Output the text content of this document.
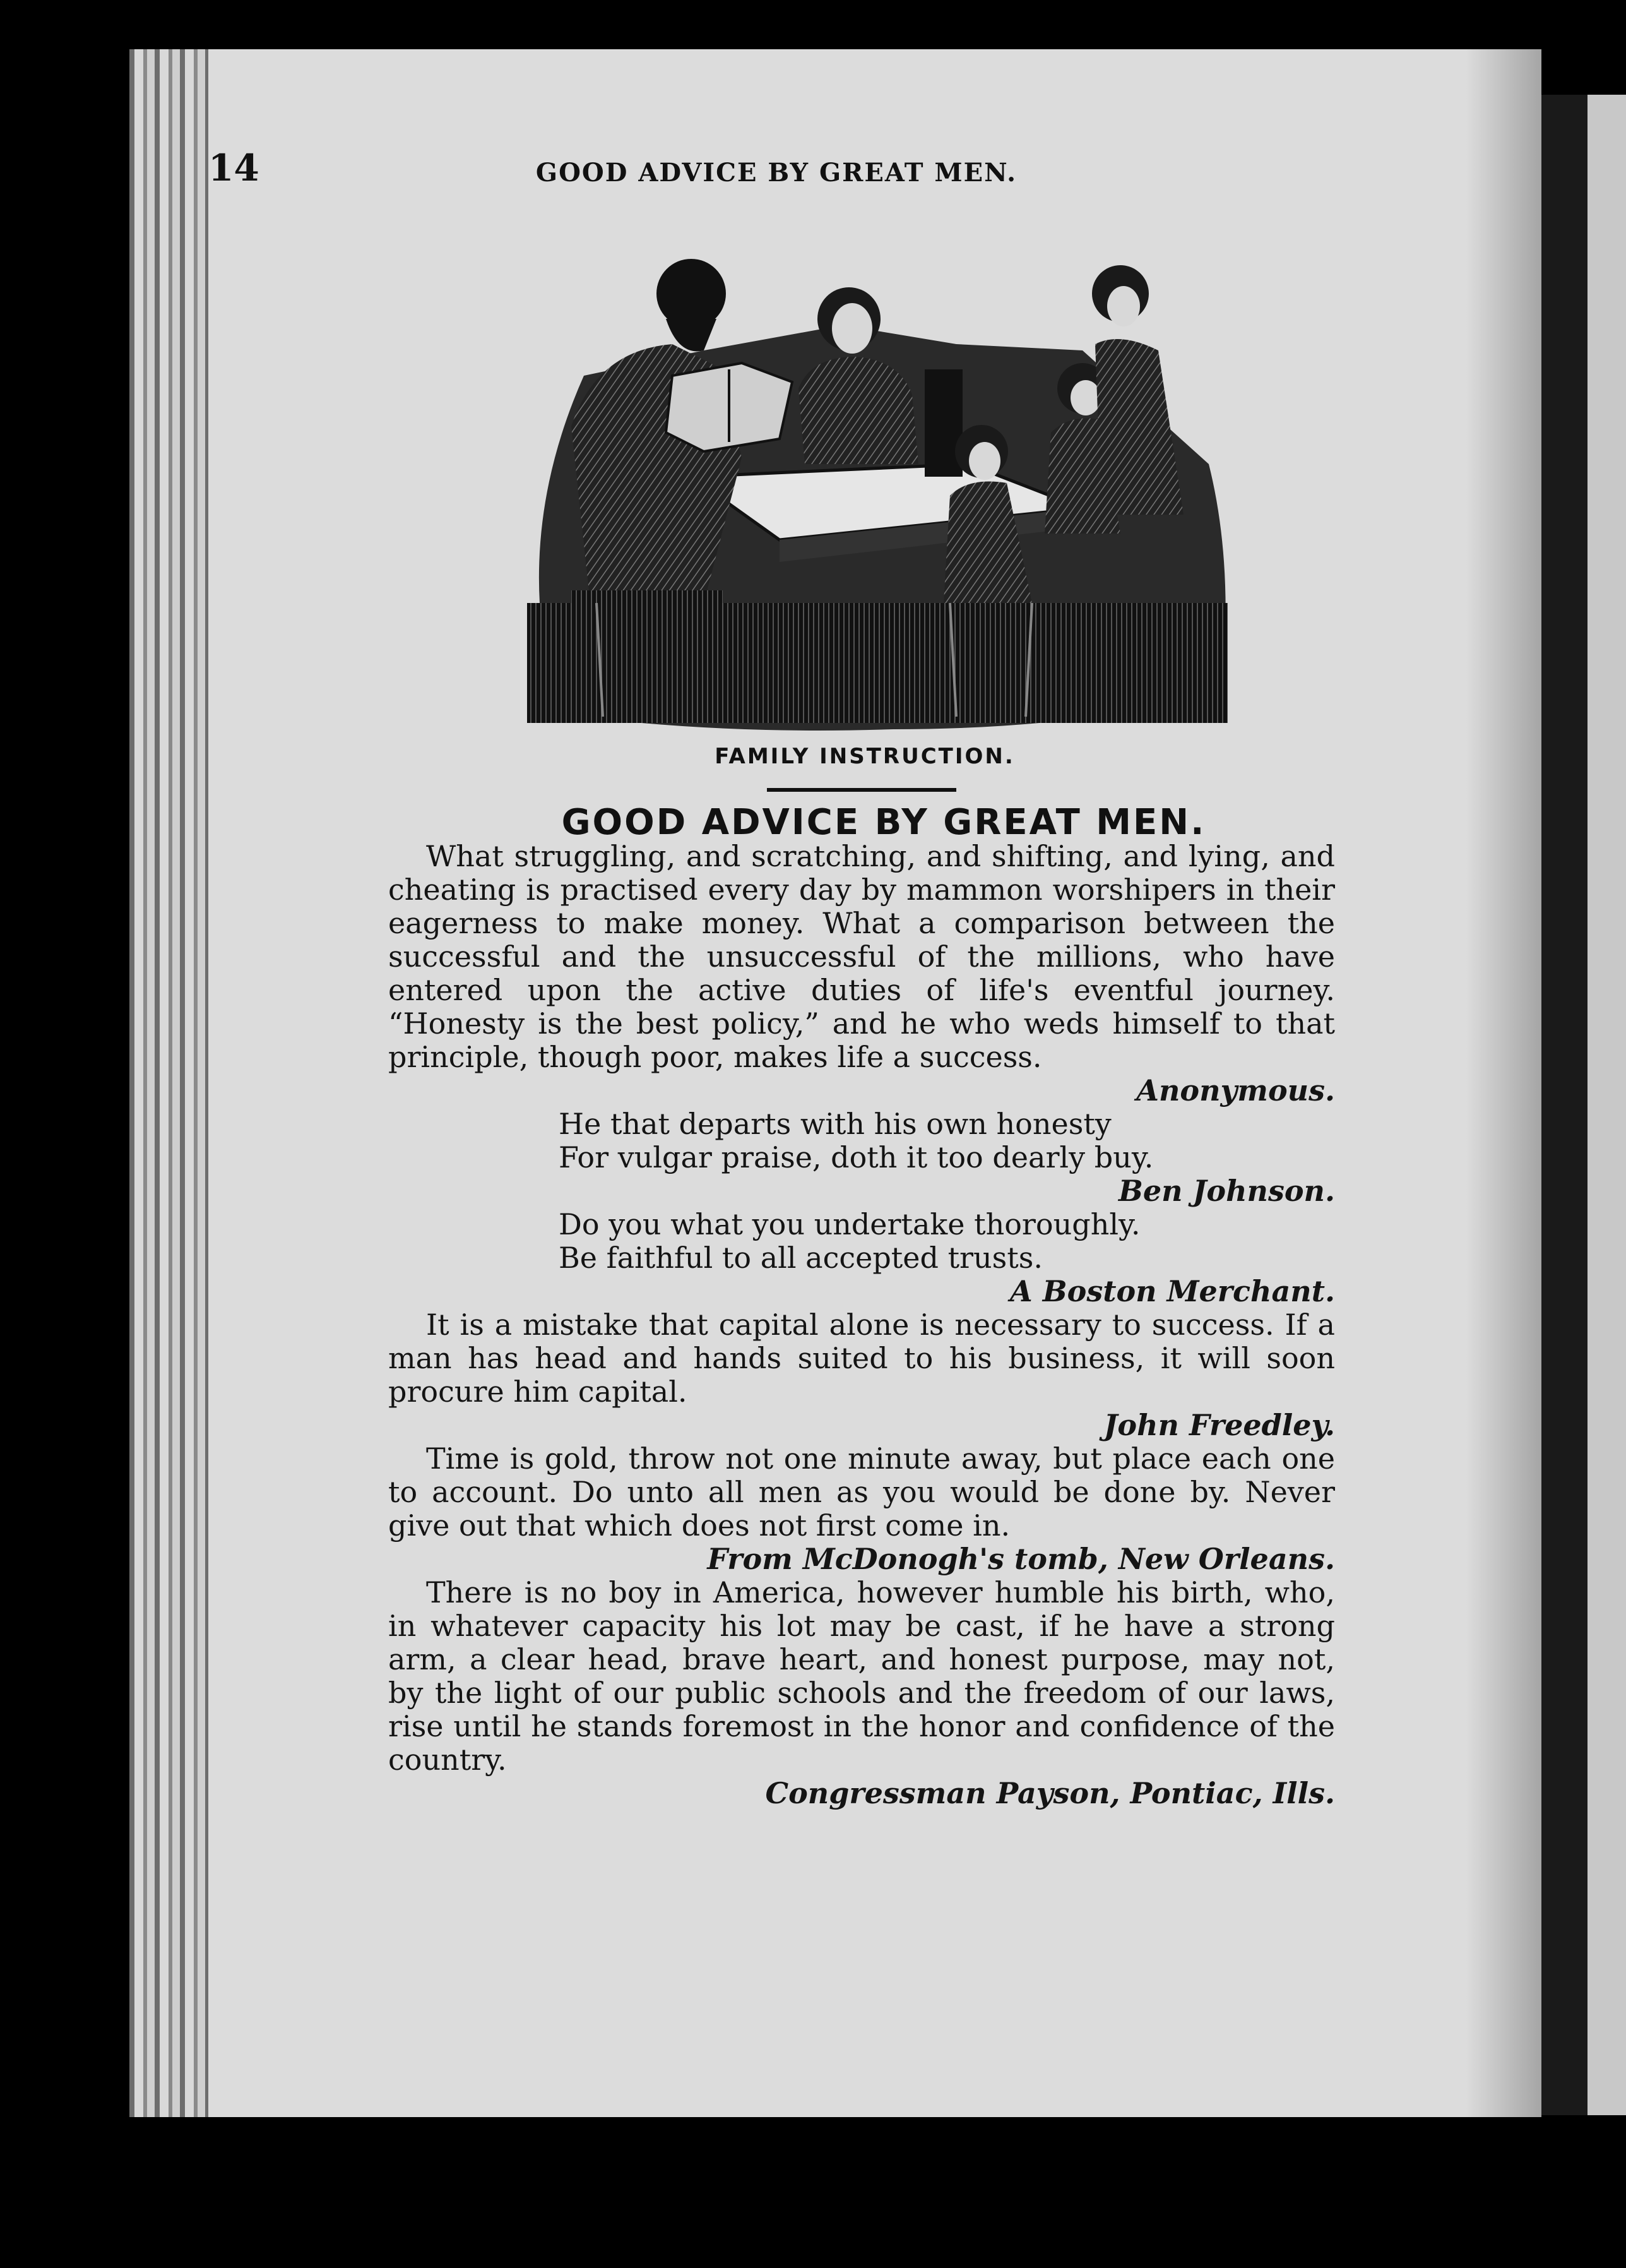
14	GOOD ADVICE BY GREAT MEN.
FAMILY INSTRUCTION.
GOOD ADVICE BY GREAT MEN.

What struggling, and scratching, and shifting, and lying, and cheating is practised every day by mammon worshipers in their eagerness to make money. What a comparison between the successful and the unsuccessful of the millions, who have entered upon the active duties of life's eventful journey. “Honesty is the best policy,” and he who weds himself to that principle, though poor, makes life a success.
Anonymous.

He that departs with his own honesty
For vulgar praise, doth it too dearly buy.
Ben Johnson.

Do you what you undertake thoroughly.
Be faithful to all accepted trusts.
A Boston Merchant.

It is a mistake that capital alone is necessary to success. If a man has head and hands suited to his business, it will soon procure him capital.
John Freedley.

Time is gold, throw not one minute away, but place each one to account. Do unto all men as you would be done by. Never give out that which does not first come in.
From McDonogh's tomb, New Orleans.

There is no boy in America, however humble his birth, who, in whatever capacity his lot may be cast, if he have a strong arm, a clear head, brave heart, and honest purpose, may not, by the light of our public schools and the freedom of our laws, rise until he stands foremost in the honor and confidence of the country.
Congressman Payson, Pontiac, Ills.
